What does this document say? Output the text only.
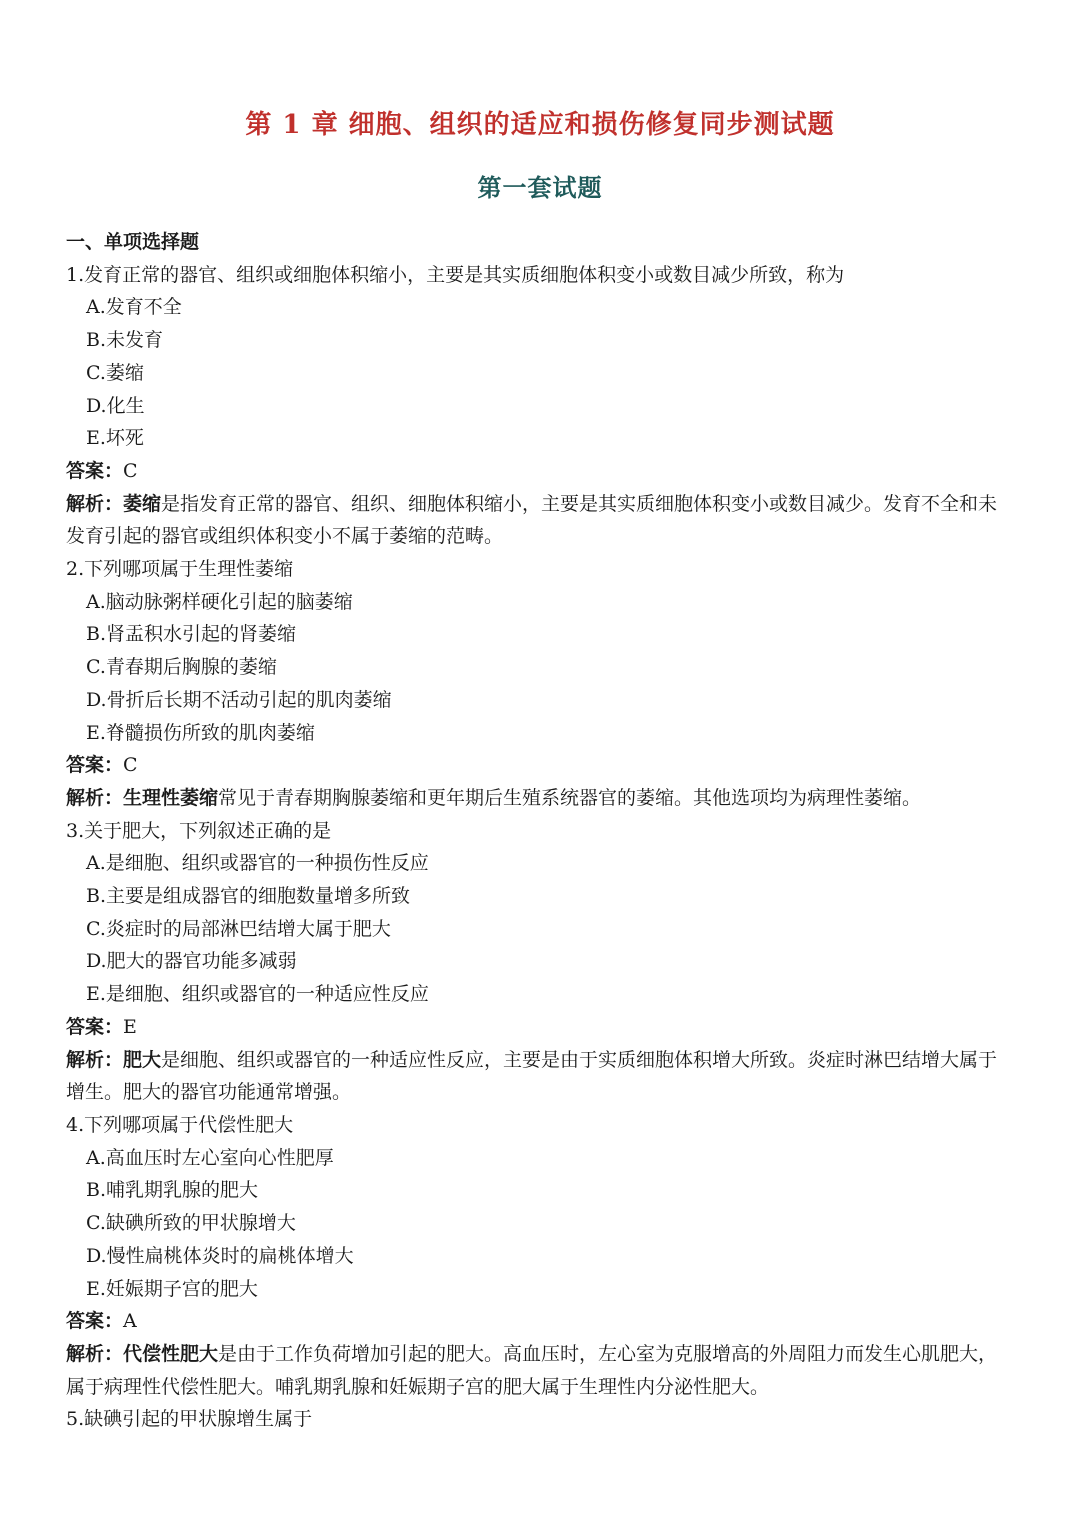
第 1 章 细胞、组织的适应和损伤修复同步测试题
第一套试题
一、单项选择题
1.发育正常的器官、组织或细胞体积缩小，主要是其实质细胞体积变小或数目减少所致，称为
A.发育不全
B.未发育
C.萎缩
D.化生
E.坏死
答案：C
解析：萎缩是指发育正常的器官、组织、细胞体积缩小，主要是其实质细胞体积变小或数目减少。发育不全和未发育引起的器官或组织体积变小不属于萎缩的范畴。
2.下列哪项属于生理性萎缩
A.脑动脉粥样硬化引起的脑萎缩
B.肾盂积水引起的肾萎缩
C.青春期后胸腺的萎缩
D.骨折后长期不活动引起的肌肉萎缩
E.脊髓损伤所致的肌肉萎缩
答案：C
解析：生理性萎缩常见于青春期胸腺萎缩和更年期后生殖系统器官的萎缩。其他选项均为病理性萎缩。
3.关于肥大，下列叙述正确的是
A.是细胞、组织或器官的一种损伤性反应
B.主要是组成器官的细胞数量增多所致
C.炎症时的局部淋巴结增大属于肥大
D.肥大的器官功能多减弱
E.是细胞、组织或器官的一种适应性反应
答案：E
解析：肥大是细胞、组织或器官的一种适应性反应，主要是由于实质细胞体积增大所致。炎症时淋巴结增大属于增生。肥大的器官功能通常增强。
4.下列哪项属于代偿性肥大
A.高血压时左心室向心性肥厚
B.哺乳期乳腺的肥大
C.缺碘所致的甲状腺增大
D.慢性扁桃体炎时的扁桃体增大
E.妊娠期子宫的肥大
答案：A
解析：代偿性肥大是由于工作负荷增加引起的肥大。高血压时，左心室为克服增高的外周阻力而发生心肌肥大，属于病理性代偿性肥大。哺乳期乳腺和妊娠期子宫的肥大属于生理性内分泌性肥大。
5.缺碘引起的甲状腺增生属于
